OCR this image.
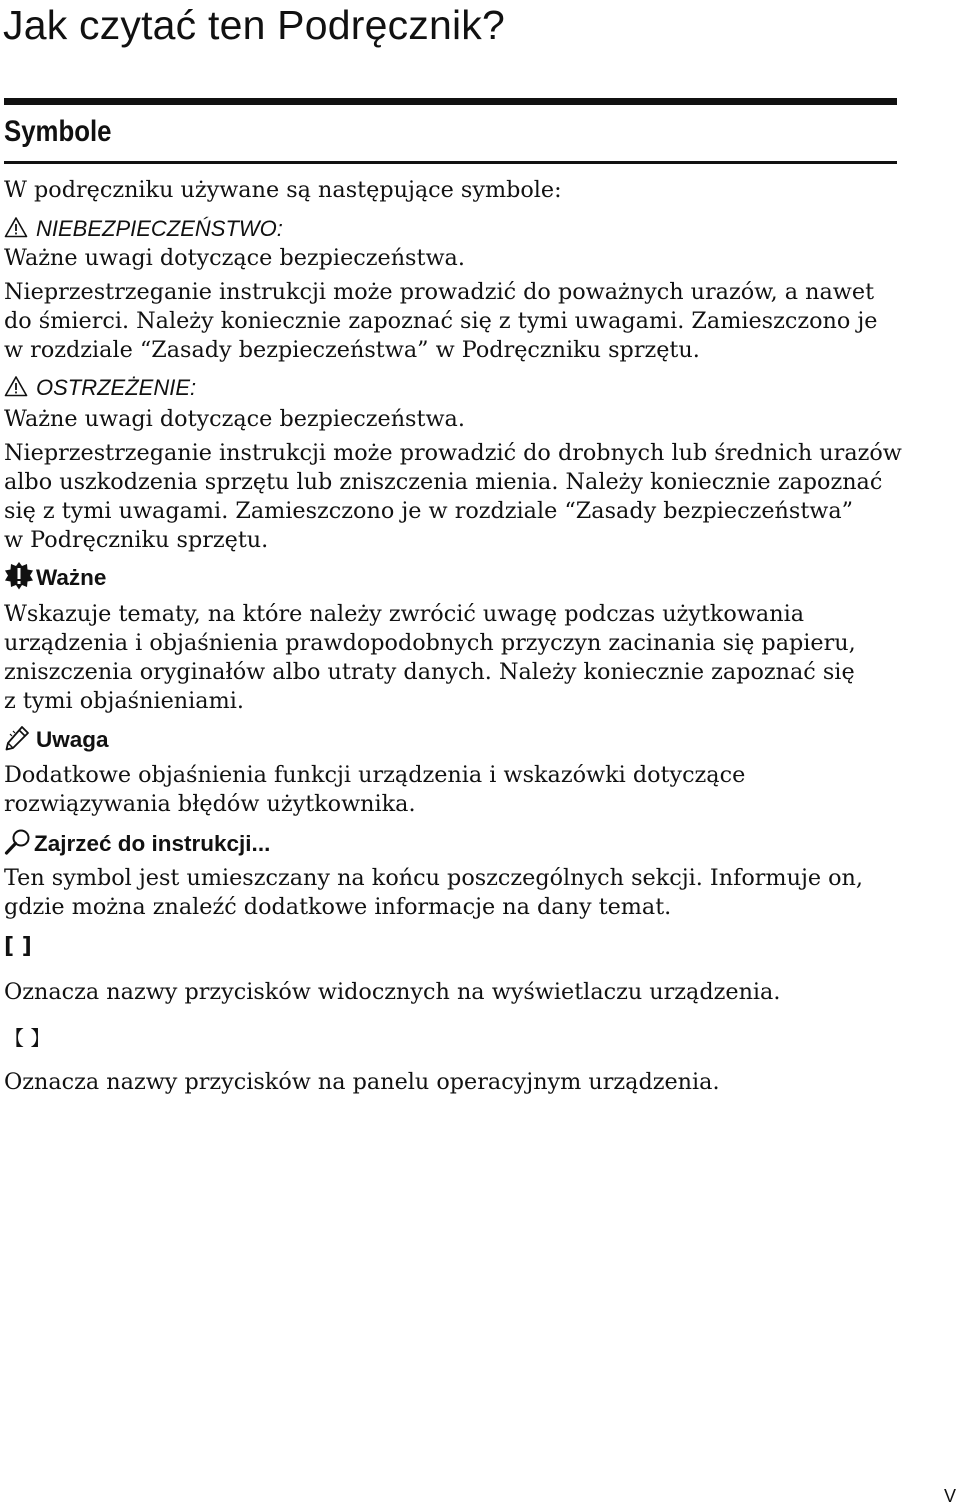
Jak czytać ten Podręcznik?
Symbole

W podręczniku używane są następujące symbole:

NIEBEZPIECZEŃSTWO:

Ważne uwagi dotyczące bezpieczeństwa.

Nieprzestrzeganie instrukcji może prowadzić do poważnych urazów, a nawet

do śmierci. Należy koniecznie zapoznać się z tymi uwagami. Zamieszczono je

w rozdziale “Zasady bezpieczeństwa” w Podręczniku sprzętu.

OSTRZEŻENIE:

Ważne uwagi dotyczące bezpieczeństwa.

Nieprzestrzeganie instrukcji może prowadzić do drobnych lub średnich urazów

albo uszkodzenia sprzętu lub zniszczenia mienia. Należy koniecznie zapoznać

się z tymi uwagami. Zamieszczono je w rozdziale “Zasady bezpieczeństwa”

w Podręczniku sprzętu.

Ważne

Wskazuje tematy, na które należy zwrócić uwagę podczas użytkowania

urządzenia i objaśnienia prawdopodobnych przyczyn zacinania się papieru,

zniszczenia oryginałów albo utraty danych. Należy koniecznie zapoznać się

z tymi objaśnieniami.

Uwaga

Dodatkowe objaśnienia funkcji urządzenia i wskazówki dotyczące

rozwiązywania błędów użytkownika.

Zajrzeć do instrukcji...

Ten symbol jest umieszczany na końcu poszczególnych sekcji. Informuje on,

gdzie można znaleźć dodatkowe informacje na dany temat.

[ ]

Oznacza nazwy przycisków widocznych na wyświetlaczu urządzenia.

【 】

Oznacza nazwy przycisków na panelu operacyjnym urządzenia.

V
